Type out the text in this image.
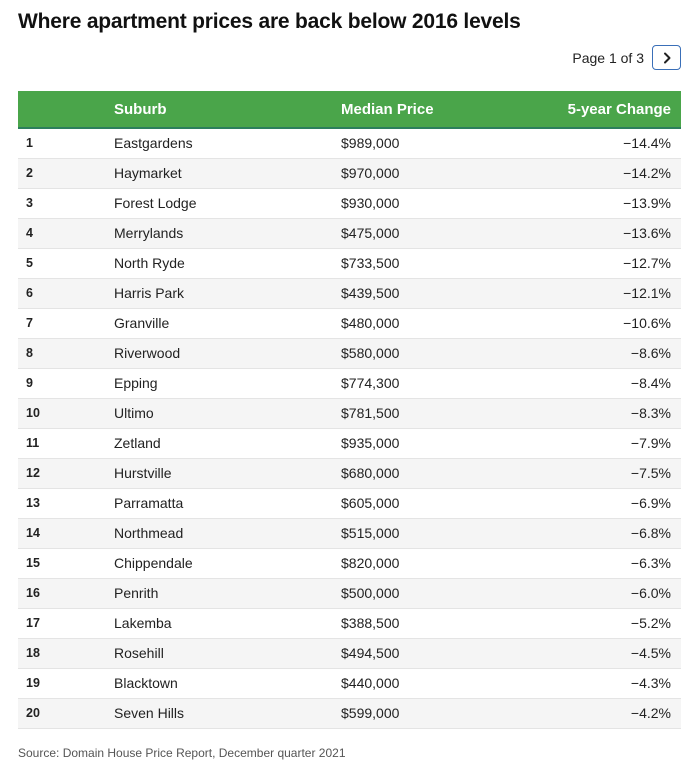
Where apartment prices are back below 2016 levels
Page 1 of 3
	Suburb	Median Price	5-year Change
1	Eastgardens	$989,000	−14.4%
2	Haymarket	$970,000	−14.2%
3	Forest Lodge	$930,000	−13.9%
4	Merrylands	$475,000	−13.6%
5	North Ryde	$733,500	−12.7%
6	Harris Park	$439,500	−12.1%
7	Granville	$480,000	−10.6%
8	Riverwood	$580,000	−8.6%
9	Epping	$774,300	−8.4%
10	Ultimo	$781,500	−8.3%
11	Zetland	$935,000	−7.9%
12	Hurstville	$680,000	−7.5%
13	Parramatta	$605,000	−6.9%
14	Northmead	$515,000	−6.8%
15	Chippendale	$820,000	−6.3%
16	Penrith	$500,000	−6.0%
17	Lakemba	$388,500	−5.2%
18	Rosehill	$494,500	−4.5%
19	Blacktown	$440,000	−4.3%
20	Seven Hills	$599,000	−4.2%
Source: Domain House Price Report, December quarter 2021
